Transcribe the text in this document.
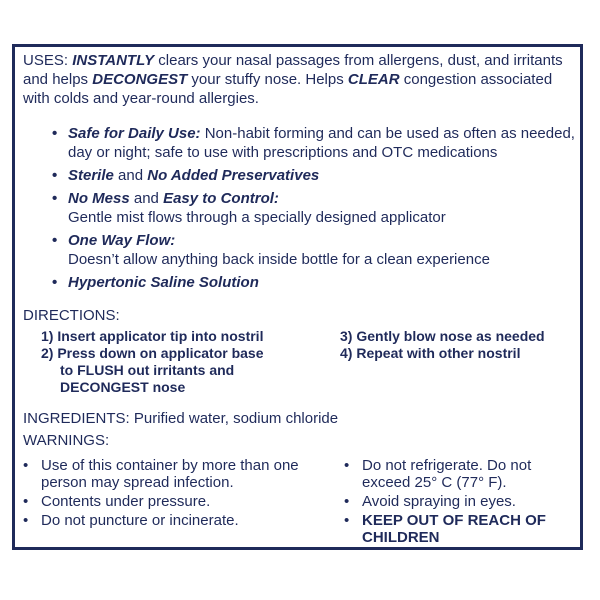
USES: INSTANTLY clears your nasal passages from allergens, dust, and irritants and helps DECONGEST your stuffy nose. Helps CLEAR congestion associated with colds and year-round allergies.

• Safe for Daily Use: Non-habit forming and can be used as often as needed, day or night; safe to use with prescriptions and OTC medications
• Sterile and No Added Preservatives
• No Mess and Easy to Control:
Gentle mist flows through a specially designed applicator
• One Way Flow:
Doesn’t allow anything back inside bottle for a clean experience
• Hypertonic Saline Solution
DIRECTIONS:
1) Insert applicator tip into nostril
2) Press down on applicator base
to FLUSH out irritants and
DECONGEST nose
3) Gently blow nose as needed
4) Repeat with other nostril
INGREDIENTS: Purified water, sodium chloride
WARNINGS:
• Use of this container by more than one person may spread infection.
• Contents under pressure.
• Do not puncture or incinerate.
• Do not refrigerate. Do not exceed 25° C (77° F).
• Avoid spraying in eyes.
• KEEP OUT OF REACH OF CHILDREN
